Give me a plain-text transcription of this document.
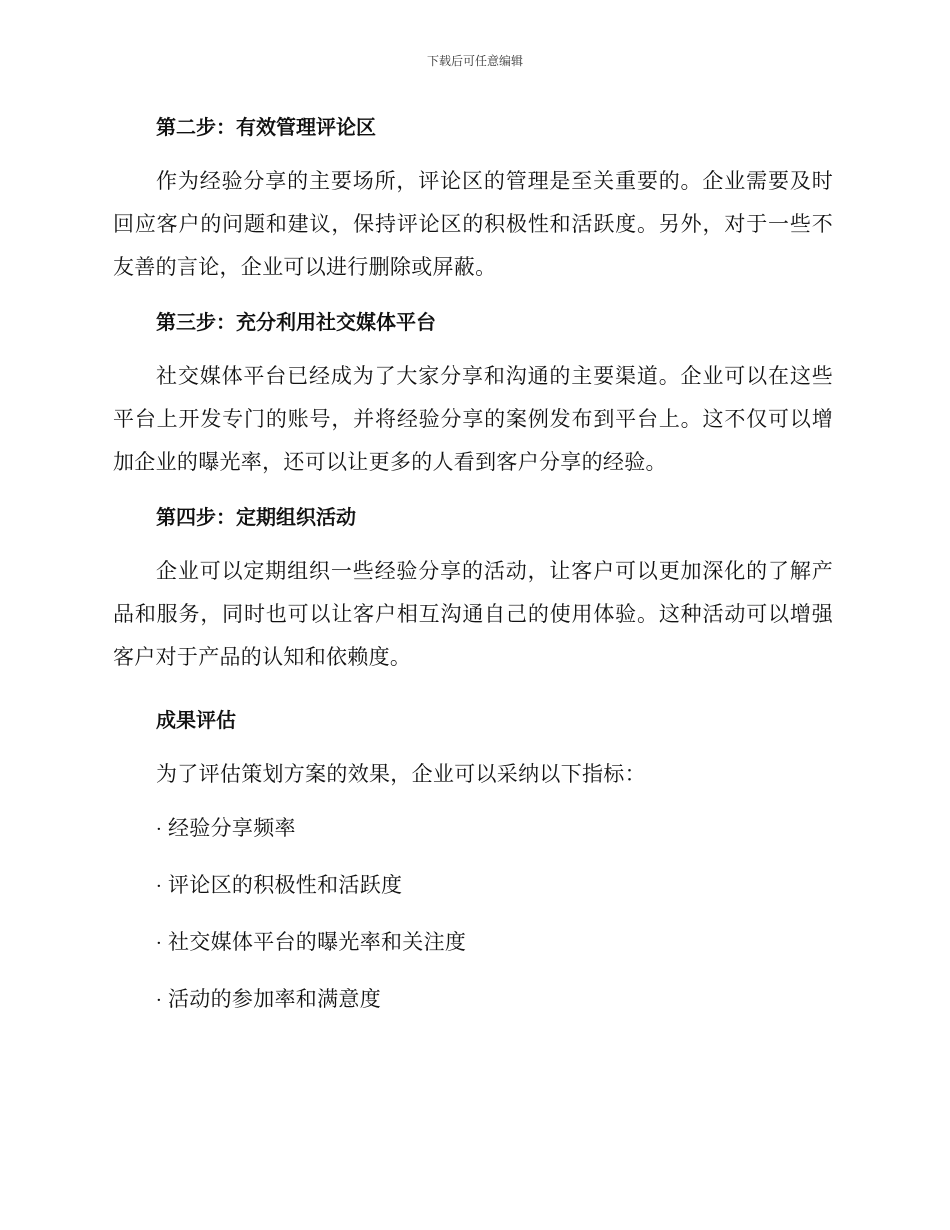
下载后可任意编辑

第二步：有效管理评论区

作为经验分享的主要场所，评论区的管理是至关重要的。企业需要及时回应客户的问题和建议，保持评论区的积极性和活跃度。另外，对于一些不友善的言论，企业可以进行删除或屏蔽。

第三步：充分利用社交媒体平台

社交媒体平台已经成为了大家分享和沟通的主要渠道。企业可以在这些平台上开发专门的账号，并将经验分享的案例发布到平台上。这不仅可以增加企业的曝光率，还可以让更多的人看到客户分享的经验。

第四步：定期组织活动

企业可以定期组织一些经验分享的活动，让客户可以更加深化的了解产品和服务，同时也可以让客户相互沟通自己的使用体验。这种活动可以增强客户对于产品的认知和依赖度。

成果评估

为了评估策划方案的效果，企业可以采纳以下指标：

· 经验分享频率
· 评论区的积极性和活跃度
· 社交媒体平台的曝光率和关注度
· 活动的参加率和满意度
